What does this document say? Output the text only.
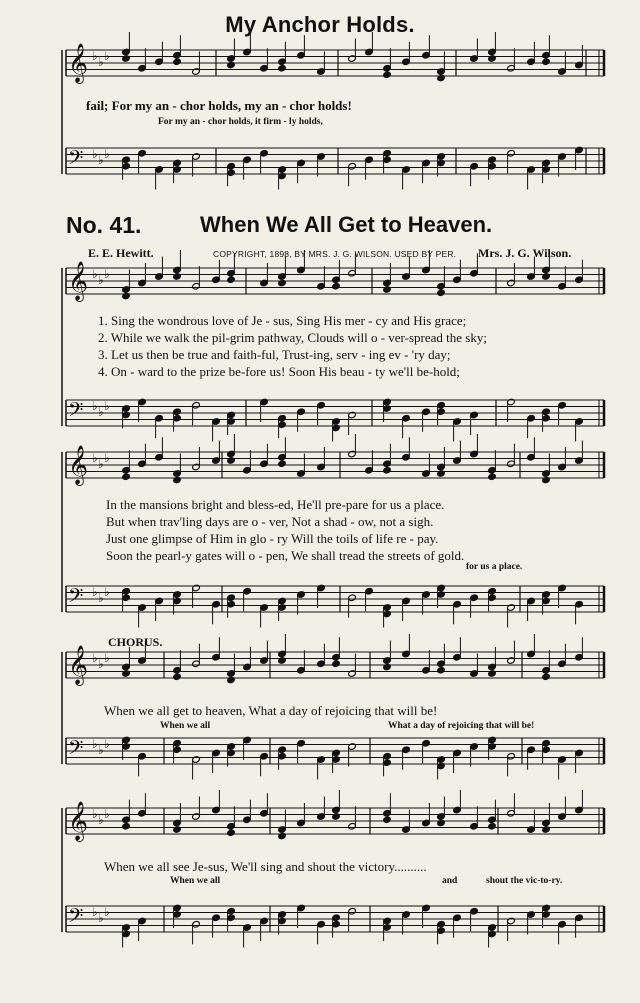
𝄞 ♭ ♭ ♭
𝄢 ♭ ♭ ♭
𝄞 ♭ ♭ ♭
𝄢 ♭ ♭ ♭
𝄞 ♭ ♭ ♭
𝄢 ♭ ♭ ♭
𝄞 ♭ ♭ ♭
𝄢 ♭ ♭ ♭
𝄞 ♭ ♭ ♭
𝄢 ♭ ♭ ♭
My Anchor Holds.
fail; For my an - chor holds, my an - chor holds!
For my an - chor holds, it firm - ly holds,
No. 41.	When We All Get to Heaven.
E. E. Hewitt.	COPYRIGHT, 1898, BY MRS. J. G. WILSON. USED BY PER. Mrs. J. G. Wilson.
1. Sing the wondrous love of Je - sus, Sing His mer - cy and His grace;
2. While we walk the pil-grim pathway, Clouds will o - ver-spread the sky;
3. Let us then be true and faith-ful, Trust-ing, serv - ing ev - 'ry day;
4. On - ward to the prize be-fore us! Soon His beau - ty we'll be-hold;
In the mansions bright and bless-ed, He'll pre-pare for us a place.
But when trav'ling days are o - ver, Not a shad - ow, not a sigh.
Just one glimpse of Him in glo - ry Will the toils of life re - pay.
Soon the pearl-y gates will o - pen, We shall tread the streets of gold.
for us a place.
CHORUS.
When we all get to heaven, What a day of rejoicing that will be!
When we all	What a day of rejoicing that will be!
When we all see Je-sus, We'll sing and shout the victory..........
When we all	and	shout the vic-to-ry.
